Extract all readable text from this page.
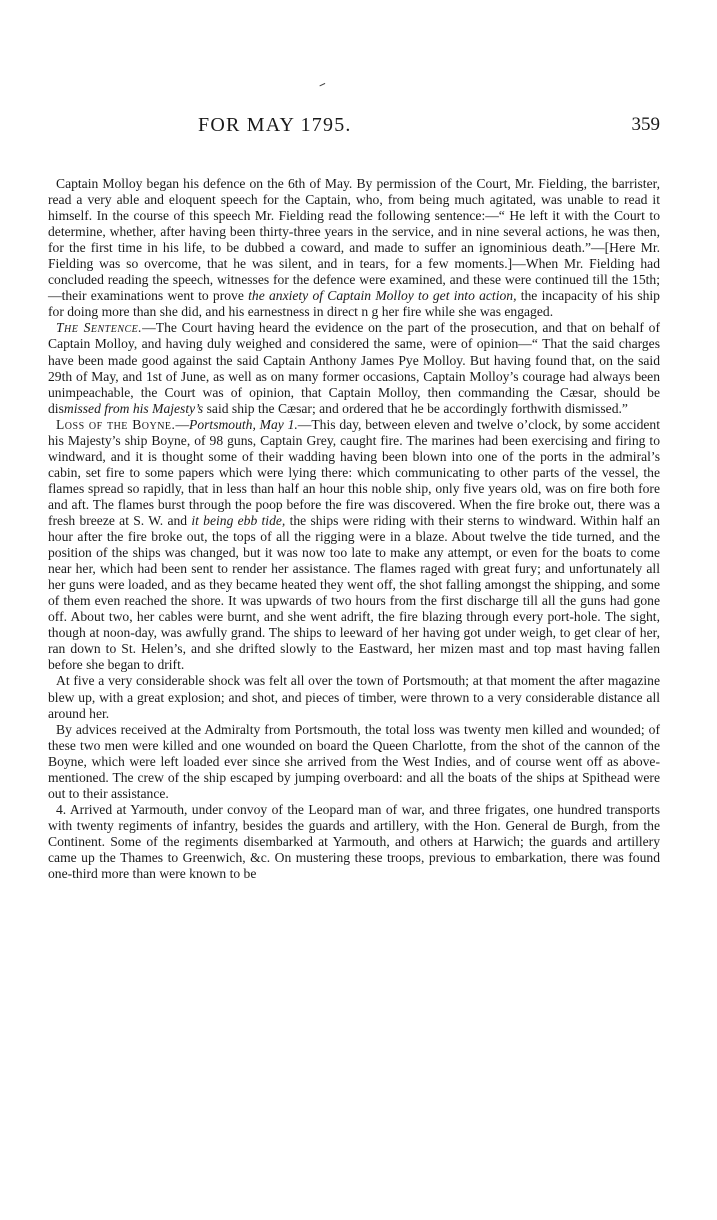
FOR MAY 1795.	359

Captain Molloy began his defence on the 6th of May. By permission of the Court, Mr. Fielding, the barrister, read a very able and eloquent speech for the Captain, who, from being much agitated, was unable to read it himself. In the course of this speech Mr. Fielding read the following sentence:—“ He left it with the Court to determine, whether, after having been thirty-three years in the service, and in nine several actions, he was then, for the first time in his life, to be dubbed a coward, and made to suffer an ignominious death.”—[Here Mr. Fielding was so overcome, that he was silent, and in tears, for a few moments.]—When Mr. Fielding had concluded reading the speech, witnesses for the defence were examined, and these were continued till the 15th;—their examinations went to prove the anxiety of Captain Molloy to get into action, the incapacity of his ship for doing more than she did, and his earnestness in direct n g her fire while she was engaged.

The Sentence.—The Court having heard the evidence on the part of the prosecution, and that on behalf of Captain Molloy, and having duly weighed and considered the same, were of opinion—“ That the said charges have been made good against the said Captain Anthony James Pye Molloy. But having found that, on the said 29th of May, and 1st of June, as well as on many former occasions, Captain Molloy’s courage had always been unimpeachable, the Court was of opinion, that Captain Molloy, then commanding the Cæsar, should be dismissed from his Majesty’s said ship the Cæsar; and ordered that he be accordingly forthwith dismissed.”

Loss of the Boyne.—Portsmouth, May 1.—This day, between eleven and twelve o’clock, by some accident his Majesty’s ship Boyne, of 98 guns, Captain Grey, caught fire. The marines had been exercising and firing to windward, and it is thought some of their wadding having been blown into one of the ports in the admiral’s cabin, set fire to some papers which were lying there: which communicating to other parts of the vessel, the flames spread so rapidly, that in less than half an hour this noble ship, only five years old, was on fire both fore and aft. The flames burst through the poop before the fire was discovered. When the fire broke out, there was a fresh breeze at S. W. and it being ebb tide, the ships were riding with their sterns to windward. Within half an hour after the fire broke out, the tops of all the rigging were in a blaze. About twelve the tide turned, and the position of the ships was changed, but it was now too late to make any attempt, or even for the boats to come near her, which had been sent to render her assistance. The flames raged with great fury; and unfortunately all her guns were loaded, and as they became heated they went off, the shot falling amongst the shipping, and some of them even reached the shore. It was upwards of two hours from the first discharge till all the guns had gone off. About two, her cables were burnt, and she went adrift, the fire blazing through every port-hole. The sight, though at noon-day, was awfully grand. The ships to leeward of her having got under weigh, to get clear of her, ran down to St. Helen’s, and she drifted slowly to the Eastward, her mizen mast and top mast having fallen before she began to drift.

At five a very considerable shock was felt all over the town of Portsmouth; at that moment the after magazine blew up, with a great explosion; and shot, and pieces of timber, were thrown to a very considerable distance all around her.

By advices received at the Admiralty from Portsmouth, the total loss was twenty men killed and wounded; of these two men were killed and one wounded on board the Queen Charlotte, from the shot of the cannon of the Boyne, which were left loaded ever since she arrived from the West Indies, and of course went off as above-mentioned. The crew of the ship escaped by jumping overboard: and all the boats of the ships at Spithead were out to their assistance.

4. Arrived at Yarmouth, under convoy of the Leopard man of war, and three frigates, one hundred transports with twenty regiments of infantry, besides the guards and artillery, with the Hon. General de Burgh, from the Continent. Some of the regiments disembarked at Yarmouth, and others at Harwich; the guards and artillery came up the Thames to Greenwich, &c. On mustering these troops, previous to embarkation, there was found one-third more than were known to be
